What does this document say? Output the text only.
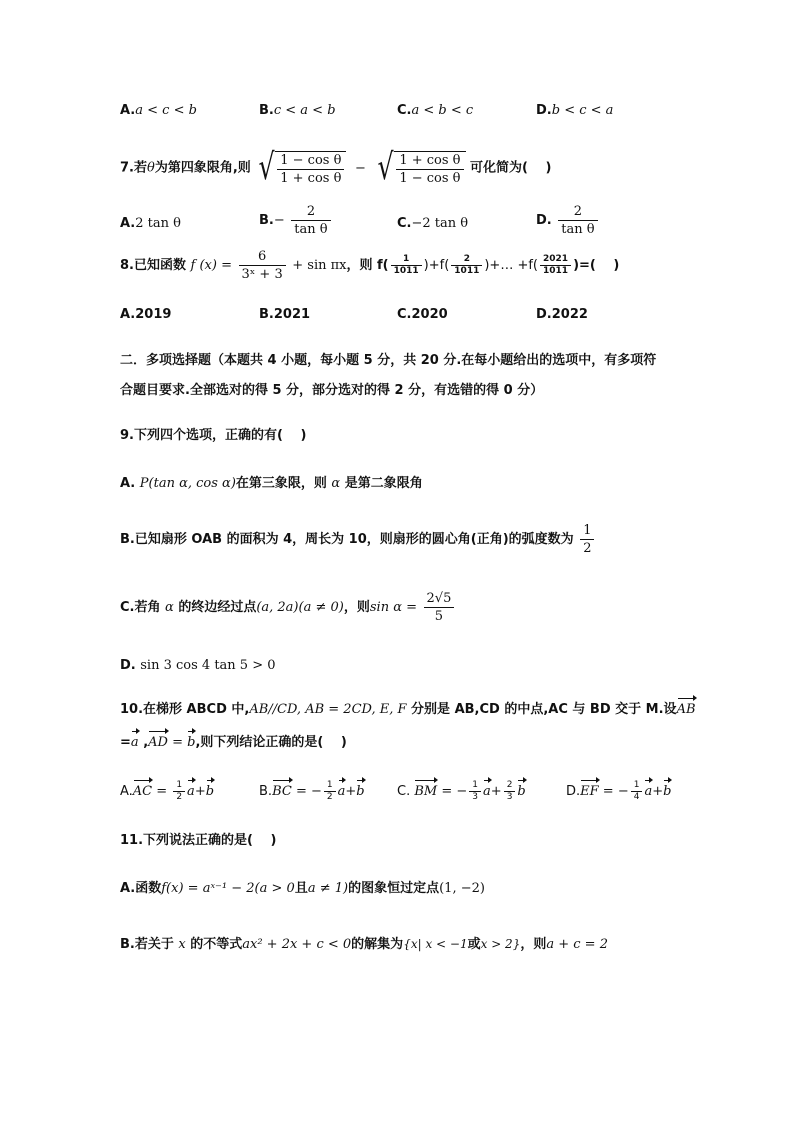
A.a < c < b	B.c < a < b	C.a < b < c	D.b < c < a
7.若θ为第四象限角,则 √ $\frac{\text{1 − cos θ}}{\text{1 + cos θ}}$ − √ $\frac{\text{1 + cos θ}}{\text{1 − cos θ}}$ 可化简为(　 )
A.2 tan θ	$B.- \frac{2}{\text{tan θ}}$	C.−2 tan θ	D. $\frac{2}{\text{tan θ}}$
8.已知函数 f $(x) = \frac{6}{\text{3ˣ + 3}} + \sin \pi x$，则 $f( \frac{1}{1011} )+f( \frac{2}{1011}$ )+… $+f( \frac{2021}{1011}$ )=(　 )
A.2019	B.2021	C.2020	D.2022
二．多项选择题（本题共 4 小题，每小题 5 分，共 20 分.在每小题给出的选项中，有多项符
合题目要求.全部选对的得 5 分，部分选对的得 2 分，有选错的得 0 分）
9.下列四个选项，正确的有(　 )
A. P(tan α, cos α)在第三象限，则 α 是第二象限角
B.已知扇形 OAB 的面积为 4，周长为 10，则扇形的圆心角(正角)的弧度数为 $\frac{1}{2}$
C.若角 α 的终边经过点(a, 2a)(a ≠ 0)，则$\sin \alpha = \frac{2√5}{5}$
D. sin 3 cos 4 tan 5 > 0
10.在梯形 ABCD 中,AB//CD, AB = 2CD, E, F 分别是 AB,CD 的中点,AC 与 BD 交于 M.设AB
=a ,AD = b,则下列结论正确的是(　 )
$A.AC = \frac{1}{2} a+b$	B.BC = − $\frac{1}{2} a+b$ C. BM = − $\frac{1}{3} a+ \frac{2}{3}$ b	D.EF = − $\frac{1}{4} a+b$
11.下列说法正确的是(　 )
A.函数f(x) = aˣ⁻¹ − 2(a > 0且a ≠ 1)的图象恒过定点(1, −2)
B.若关于 x 的不等式ax² + 2x + c < 0的解集为{x| x < −1或x > 2}，则a + c = 2
